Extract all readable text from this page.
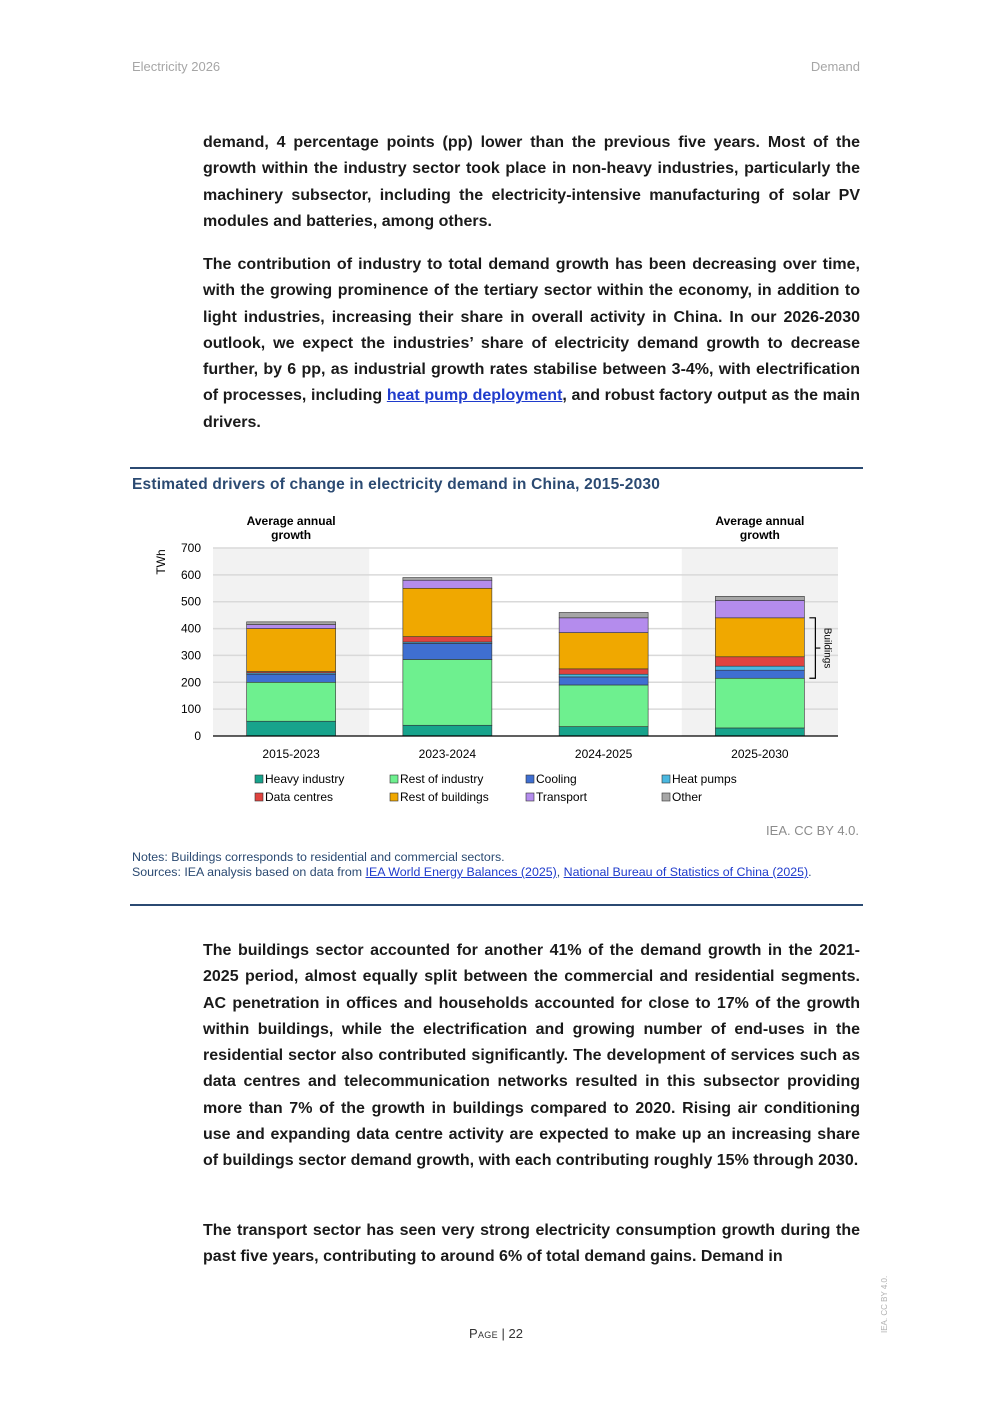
Electricity 2026	Demand

demand, 4 percentage points (pp) lower than the previous five years. Most of the growth within the industry sector took place in non-heavy industries, particularly the machinery subsector, including the electricity-intensive manufacturing of solar PV modules and batteries, among others.

The contribution of industry to total demand growth has been decreasing over time, with the growing prominence of the tertiary sector within the economy, in addition to light industries, increasing their share in overall activity in China. In our 2026-2030 outlook, we expect the industries’ share of electricity demand growth to decrease further, by 6 pp, as industrial growth rates stabilise between 3-4%, with electrification of processes, including heat pump deployment, and robust factory output as the main drivers.

Estimated drivers of change in electricity demand in China, 2015-2030
0
100
200
300
400
500
600
700
2015-2023	2023-2024	2024-2025	2025-2030
TWh
Average annual growth
Average annual growth
Buildings
Heavy industry	Rest of industry	Cooling	Heat pumps
Data centres	Rest of buildings	Transport	Other
IEA. CC BY 4.0.
Notes: Buildings corresponds to residential and commercial sectors.
Sources: IEA analysis based on data from IEA World Energy Balances (2025), National Bureau of Statistics of China (2025).

The buildings sector accounted for another 41% of the demand growth in the 2021-2025 period, almost equally split between the commercial and residential segments. AC penetration in offices and households accounted for close to 17% of the growth within buildings, while the electrification and growing number of end-uses in the residential sector also contributed significantly. The development of services such as data centres and telecommunication networks resulted in this subsector providing more than 7% of the growth in buildings compared to 2020. Rising air conditioning use and expanding data centre activity are expected to make up an increasing share of buildings sector demand growth, with each contributing roughly 15% through 2030.

The transport sector has seen very strong electricity consumption growth during the past five years, contributing to around 6% of total demand gains. Demand in

Page | 22
IEA. CC BY 4.0.
